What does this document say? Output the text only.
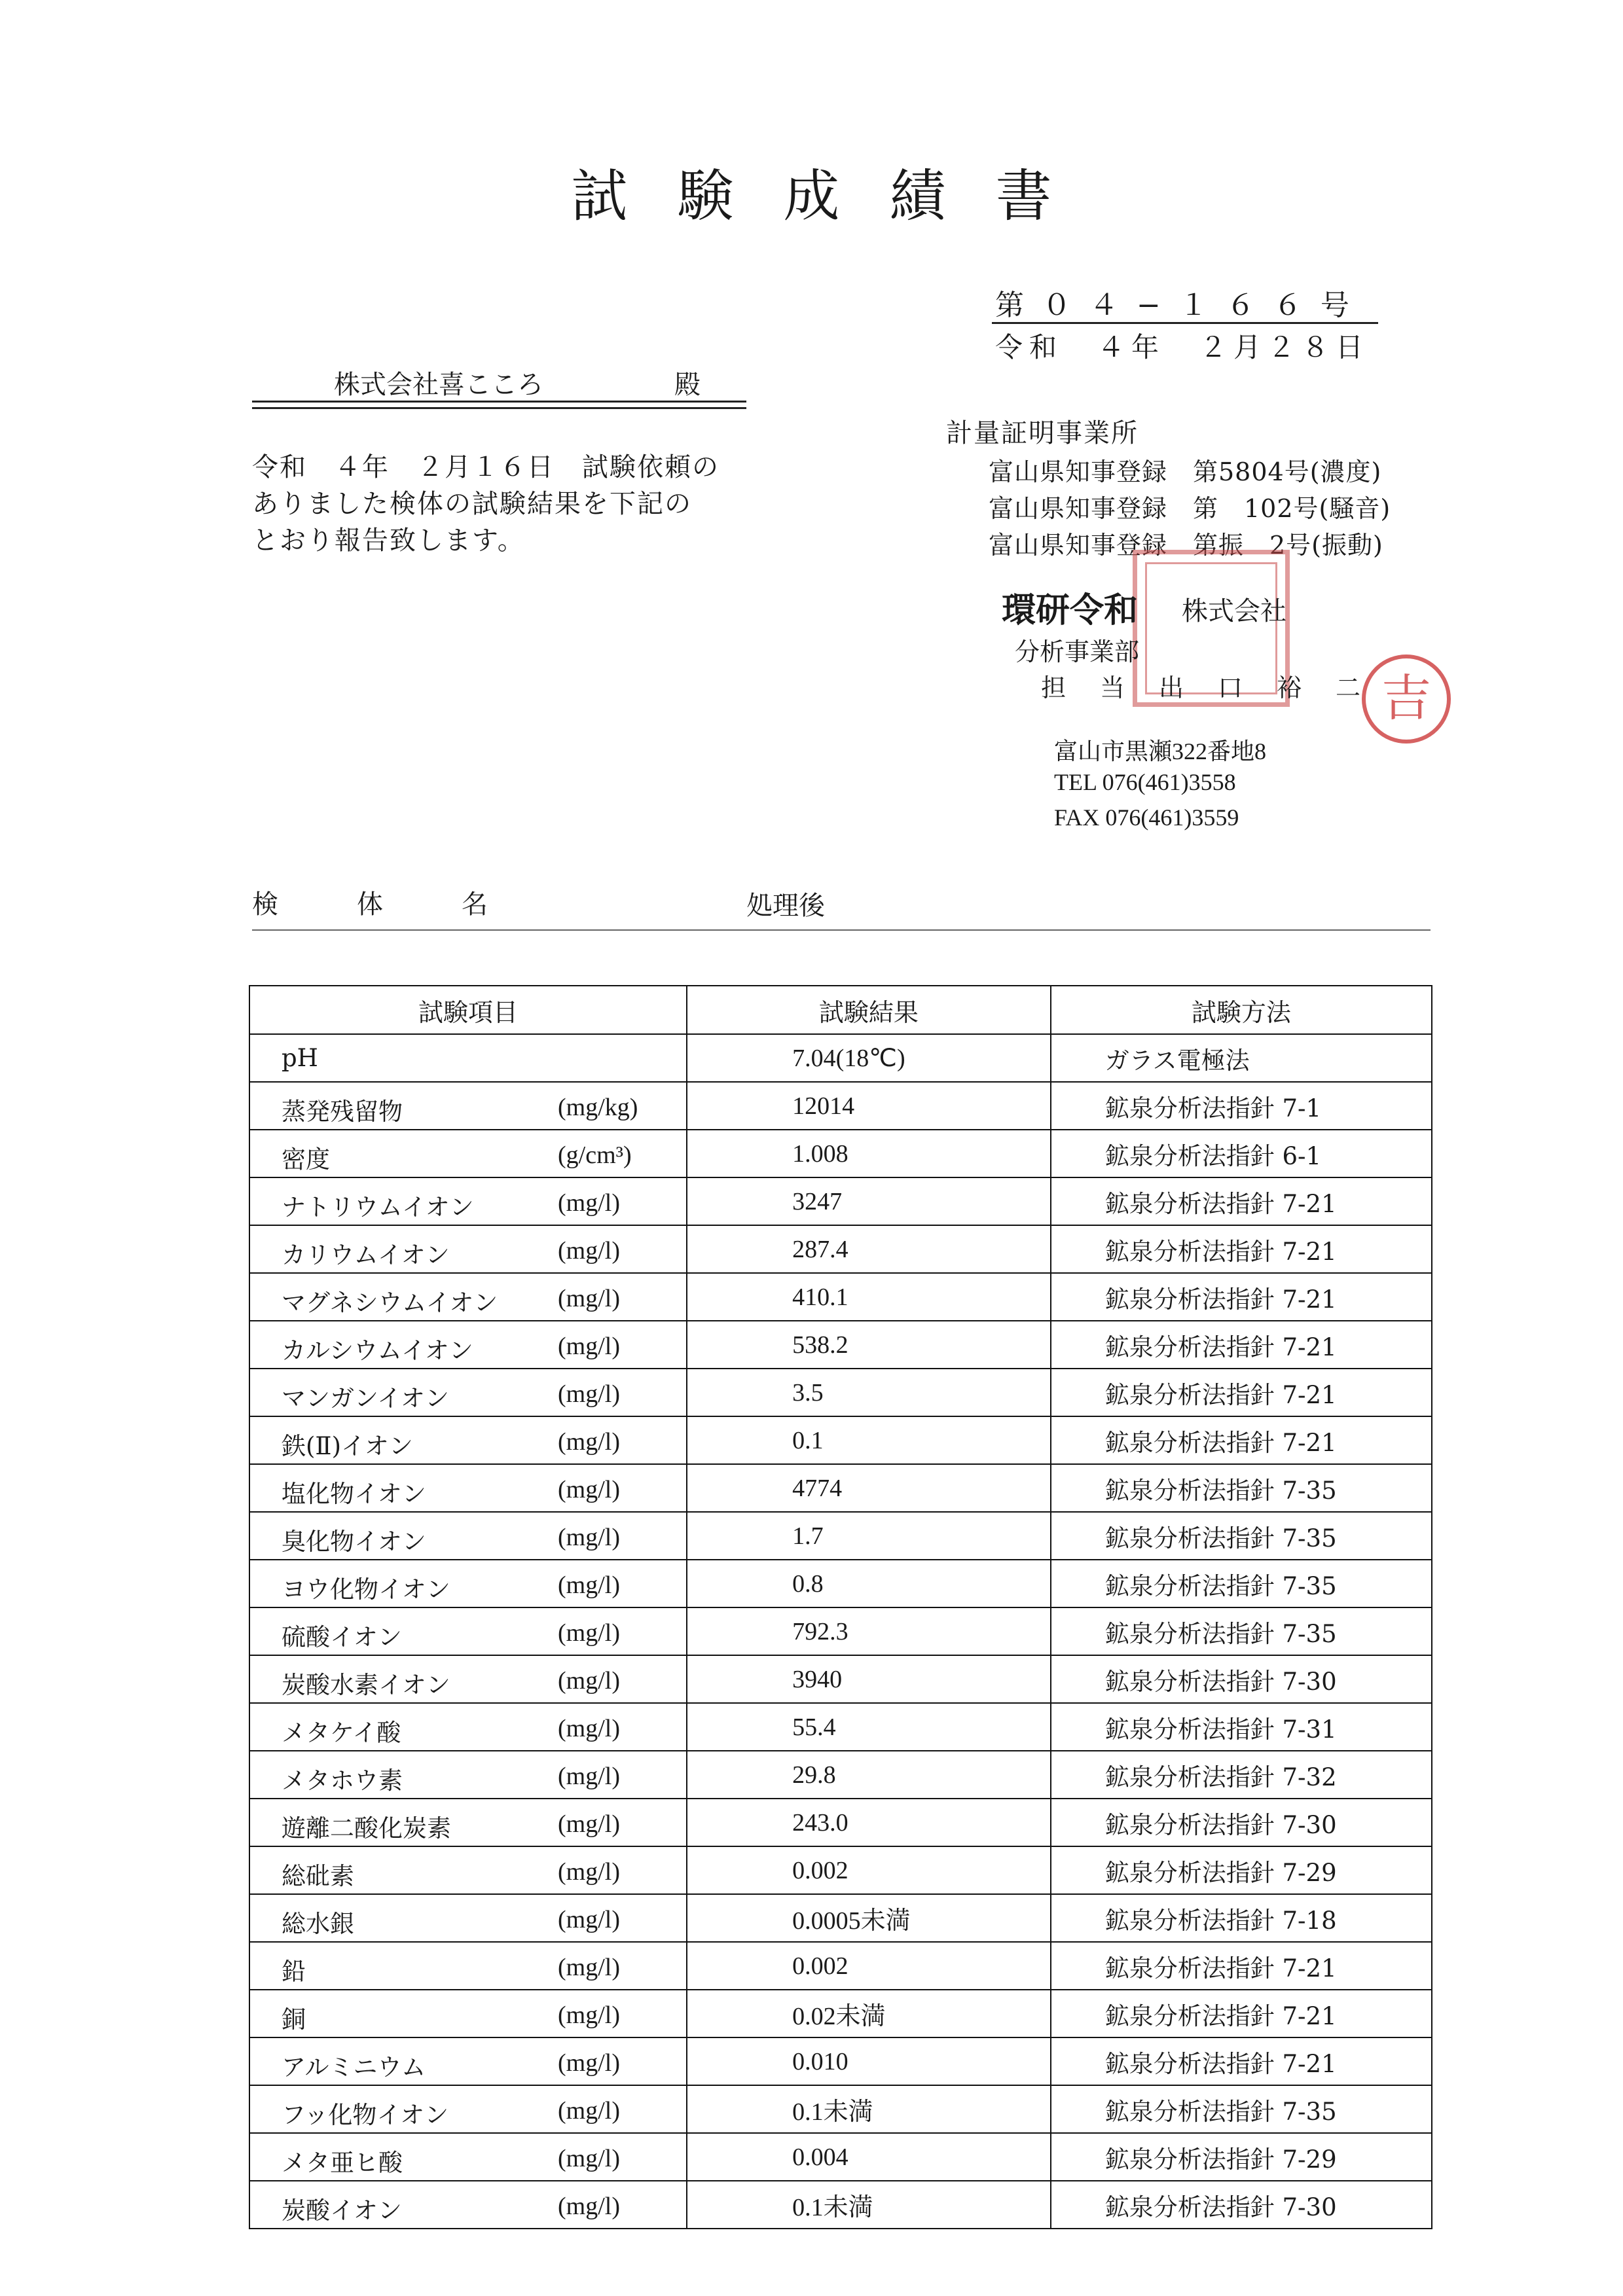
試 験 成 績 書
第０４−１６６号
令和　４年　２月２８日
株式会社喜こころ	殿
令和　４年　２月１６日　試験依頼の
ありました検体の試験結果を下記の
とおり報告致します。
計量証明事業所
富山県知事登録　第5804号(濃度)
富山県知事登録　第　102号(騒音)
富山県知事登録　第振　2号(振動)
環研令和 株式会社
分析事業部
担当出口裕二
吉
富山市黒瀬322番地8
TEL 076(461)3558
FAX 076(461)3559
検体名	処理後
試験項目	試験結果	試験方法

pH	7.04(18℃)	ガラス電極法

蒸発残留物 (mg/kg)	12014	鉱泉分析法指針 7-1

密度 (g/cm³)	1.008	鉱泉分析法指針 6-1

ナトリウムイオン (mg/l)	3247	鉱泉分析法指針 7-21

カリウムイオン (mg/l)	287.4	鉱泉分析法指針 7-21

マグネシウムイオン (mg/l)	410.1	鉱泉分析法指針 7-21

カルシウムイオン (mg/l)	538.2	鉱泉分析法指針 7-21

マンガンイオン (mg/l)	3.5	鉱泉分析法指針 7-21

鉄(Ⅱ)イオン (mg/l)	0.1	鉱泉分析法指針 7-21

塩化物イオン (mg/l)	4774	鉱泉分析法指針 7-35

臭化物イオン (mg/l)	1.7	鉱泉分析法指針 7-35

ヨウ化物イオン (mg/l)	0.8	鉱泉分析法指針 7-35

硫酸イオン (mg/l)	792.3	鉱泉分析法指針 7-35

炭酸水素イオン (mg/l)	3940	鉱泉分析法指針 7-30

メタケイ酸 (mg/l)	55.4	鉱泉分析法指針 7-31

メタホウ素 (mg/l)	29.8	鉱泉分析法指針 7-32

遊離二酸化炭素 (mg/l)	243.0	鉱泉分析法指針 7-30

総砒素 (mg/l)	0.002	鉱泉分析法指針 7-29

総水銀 (mg/l)	0.0005未満	鉱泉分析法指針 7-18

鉛 (mg/l)	0.002	鉱泉分析法指針 7-21

銅 (mg/l)	0.02未満	鉱泉分析法指針 7-21

アルミニウム (mg/l)	0.010	鉱泉分析法指針 7-21

フッ化物イオン (mg/l)	0.1未満	鉱泉分析法指針 7-35

メタ亜ヒ酸 (mg/l)	0.004	鉱泉分析法指針 7-29

炭酸イオン (mg/l)	0.1未満	鉱泉分析法指針 7-30
